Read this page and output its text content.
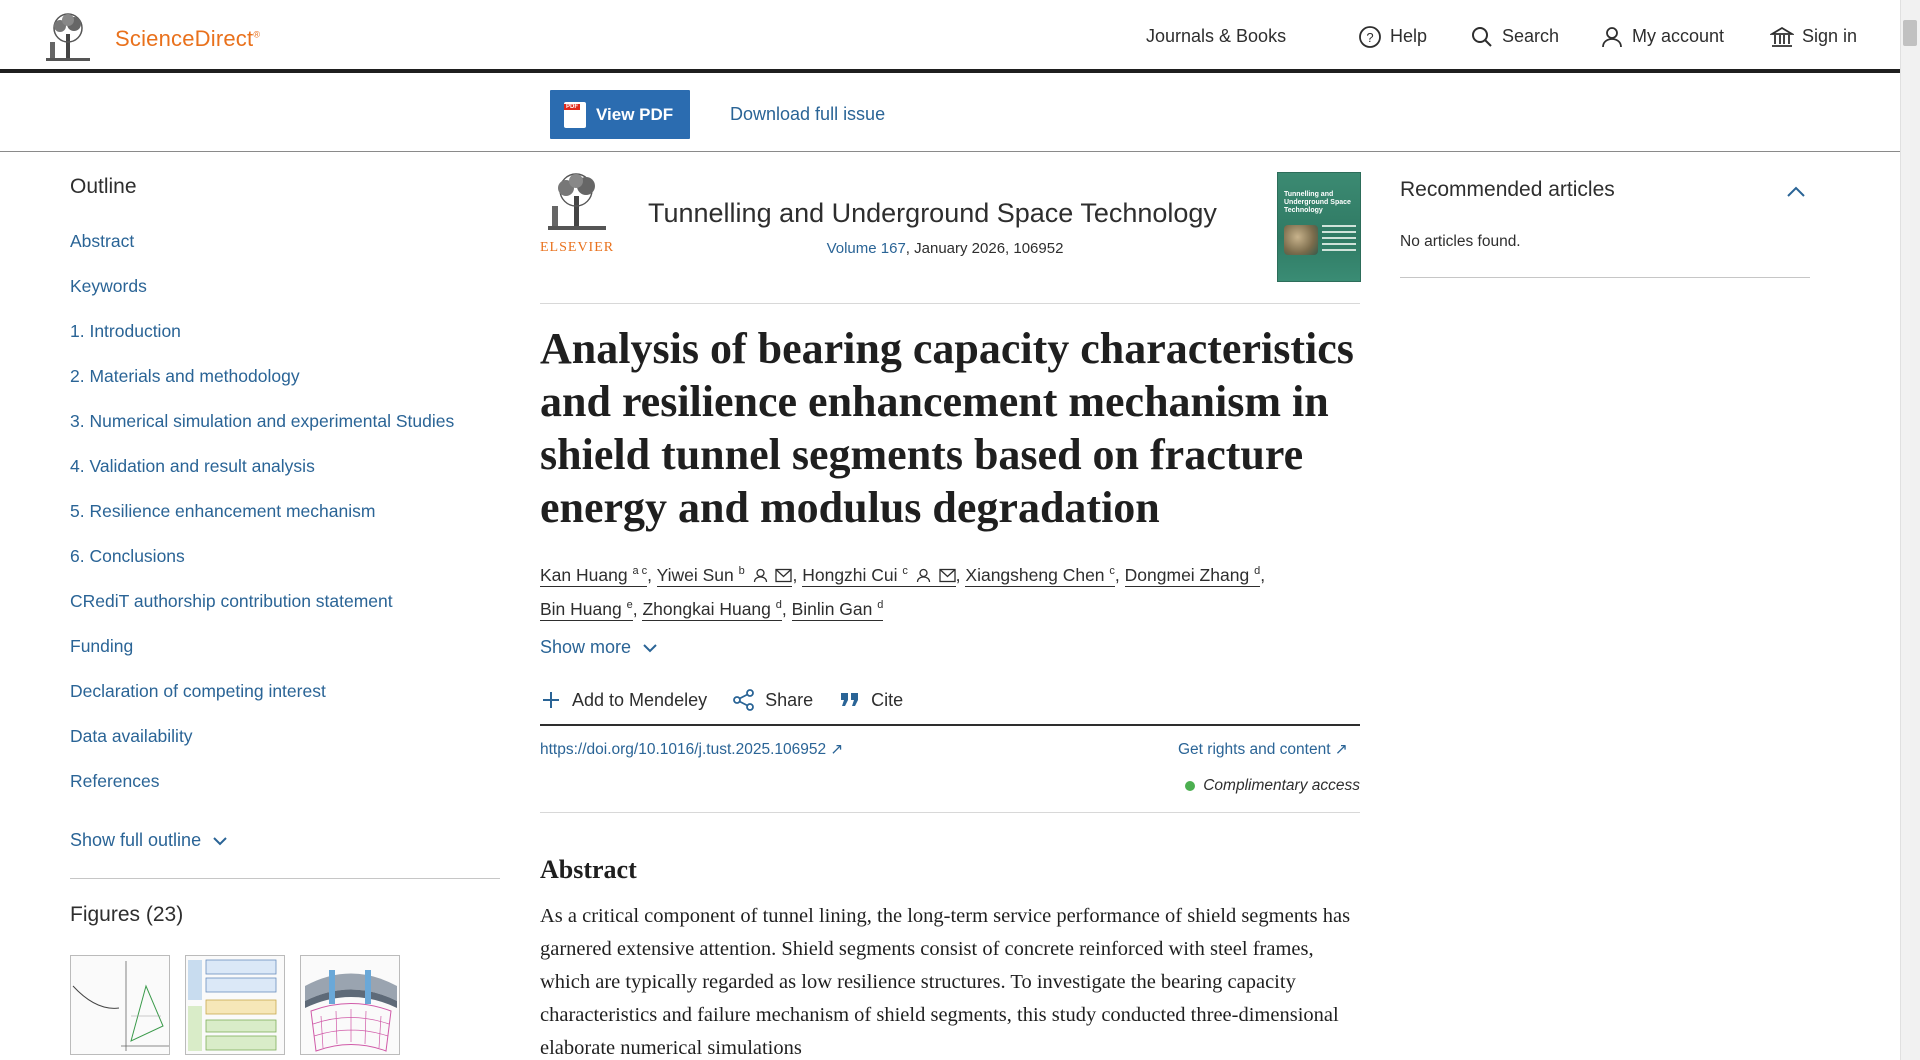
ScienceDirect®	Journals & Books	? Help	Search	My account	Sign in
PDF
View PDF	Download full issue
Outline
Abstract
Keywords
1. Introduction
2. Materials and methodology
3. Numerical simulation and experimental Studies
4. Validation and result analysis
5. Resilience enhancement mechanism
6. Conclusions
CRediT authorship contribution statement
Funding
Declaration of competing interest
Data availability
References
Show full outline
Figures (23)
ELSEVIER
Tunnelling and Underground Space Technology
Volume 167, January 2026, 106952
Tunnelling and Underground Space Technology
Analysis of bearing capacity characteristics and resilience enhancement mechanism in shield tunnel segments based on fracture energy and modulus degradation
Kan Huang $^{a c}$, Yiwei Sun $^b$	, Hongzhi Cui $^c$	, Xiangsheng Chen $^c$, Dongmei Zhang $^d$,
Bin Huang $^e$, Zhongkai Huang $^d$, Binlin Gan $^d$
Show more
Add to Mendeley	Share	Cite
https://doi.org/10.1016/j.tust.2025.106952 ↗	Get rights and content ↗
Complimentary access
Abstract

As a critical component of tunnel lining, the long-term service performance of shield segments has garnered extensive attention. Shield segments consist of concrete reinforced with steel frames, which are typically regarded as low resilience structures. To investigate the bearing capacity characteristics and failure mechanism of shield segments, this study conducted three-dimensional elaborate numerical simulations

Recommended articles
No articles found.
